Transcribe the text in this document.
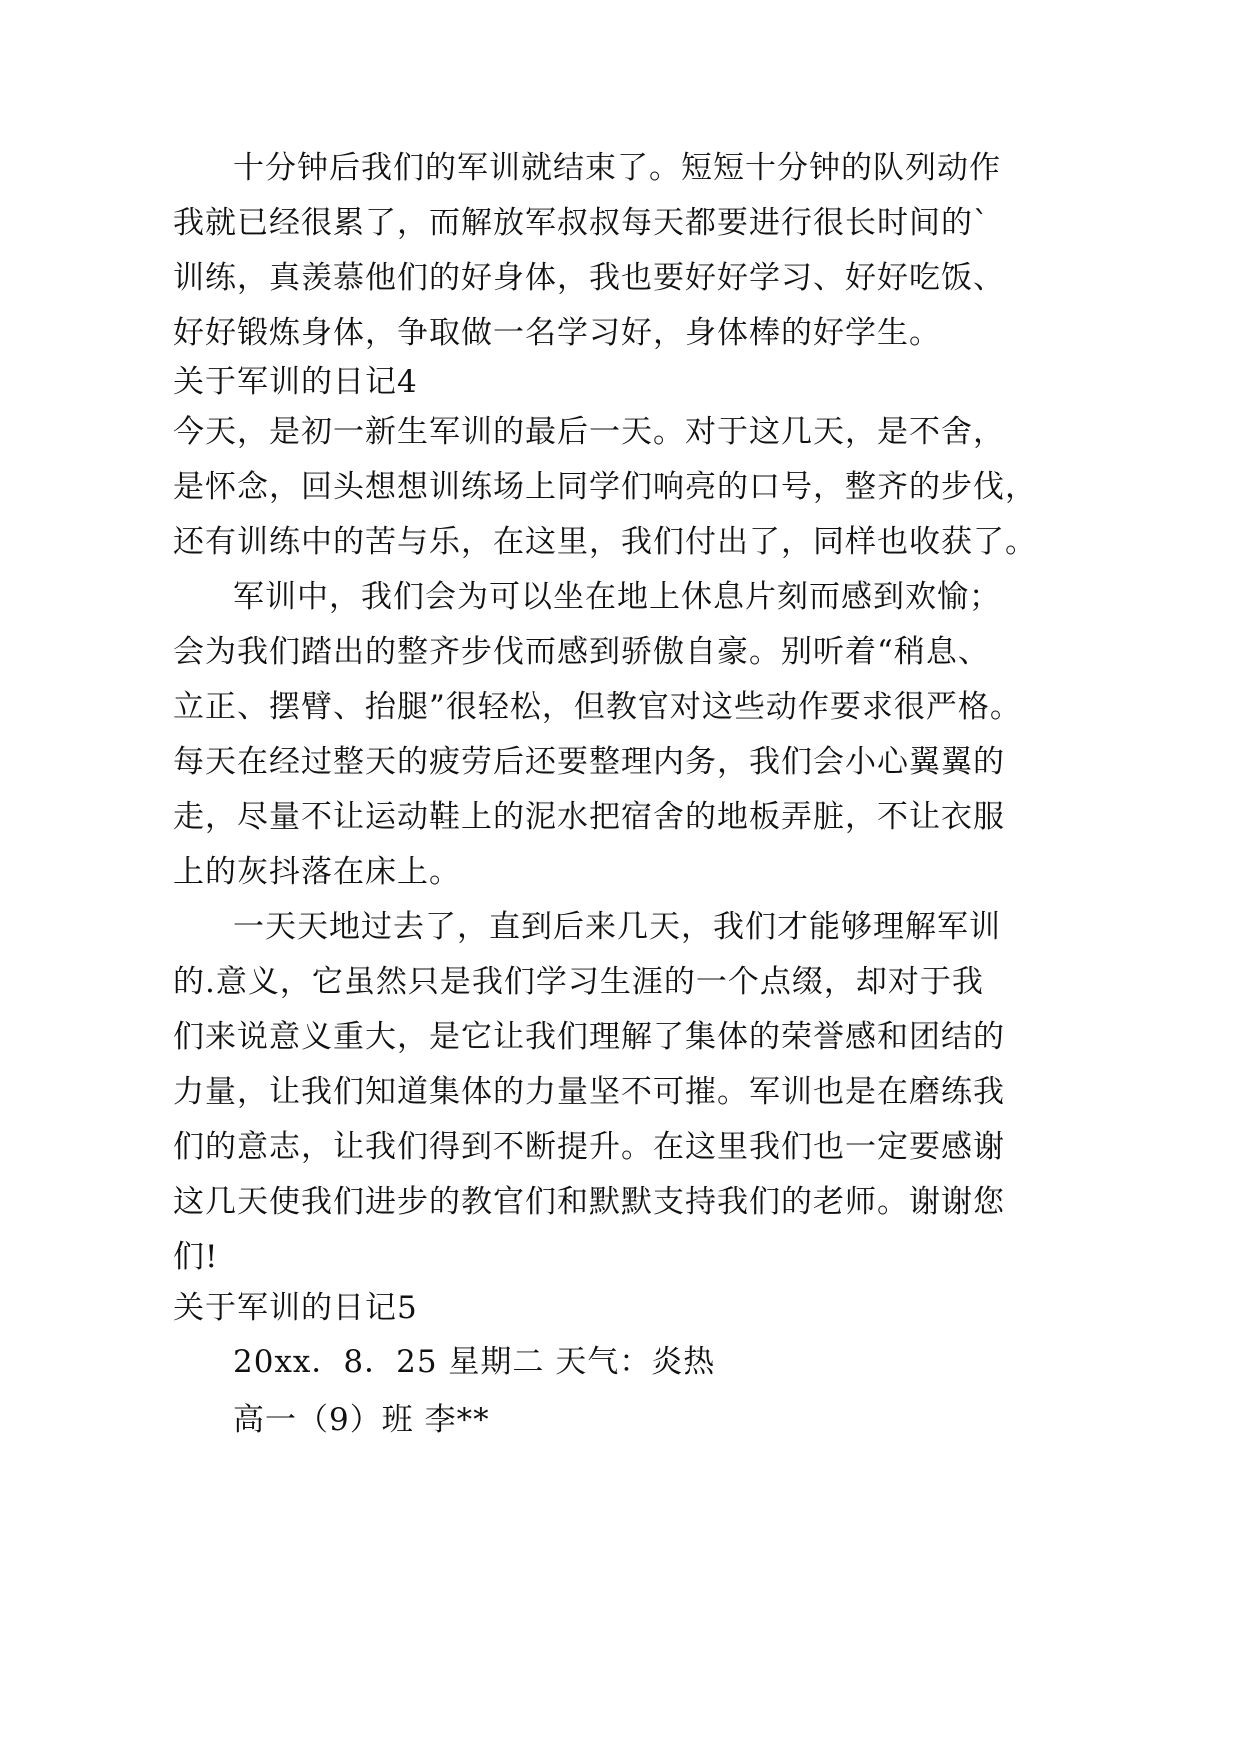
十分钟后我们的军训就结束了。短短十分钟的队列动作
我就已经很累了，而解放军叔叔每天都要进行很长时间的`
训练，真羡慕他们的好身体，我也要好好学习、好好吃饭、
好好锻炼身体，争取做一名学习好，身体棒的好学生。
关于军训的日记4
今天，是初一新生军训的最后一天。对于这几天，是不舍，
是怀念，回头想想训练场上同学们响亮的口号，整齐的步伐，
还有训练中的苦与乐，在这里，我们付出了，同样也收获了。
军训中，我们会为可以坐在地上休息片刻而感到欢愉；
会为我们踏出的整齐步伐而感到骄傲自豪。别听着“稍息、
立正、摆臂、抬腿”很轻松，但教官对这些动作要求很严格。
每天在经过整天的疲劳后还要整理内务，我们会小心翼翼的
走，尽量不让运动鞋上的泥水把宿舍的地板弄脏，不让衣服
上的灰抖落在床上。
一天天地过去了，直到后来几天，我们才能够理解军训
的.意义，它虽然只是我们学习生涯的一个点缀，却对于我
们来说意义重大，是它让我们理解了集体的荣誉感和团结的
力量，让我们知道集体的力量坚不可摧。军训也是在磨练我
们的意志，让我们得到不断提升。在这里我们也一定要感谢
这几天使我们进步的教官们和默默支持我们的老师。谢谢您
们!
关于军训的日记5
20xx．8．25 星期二 天气：炎热
高一（9）班 李**
